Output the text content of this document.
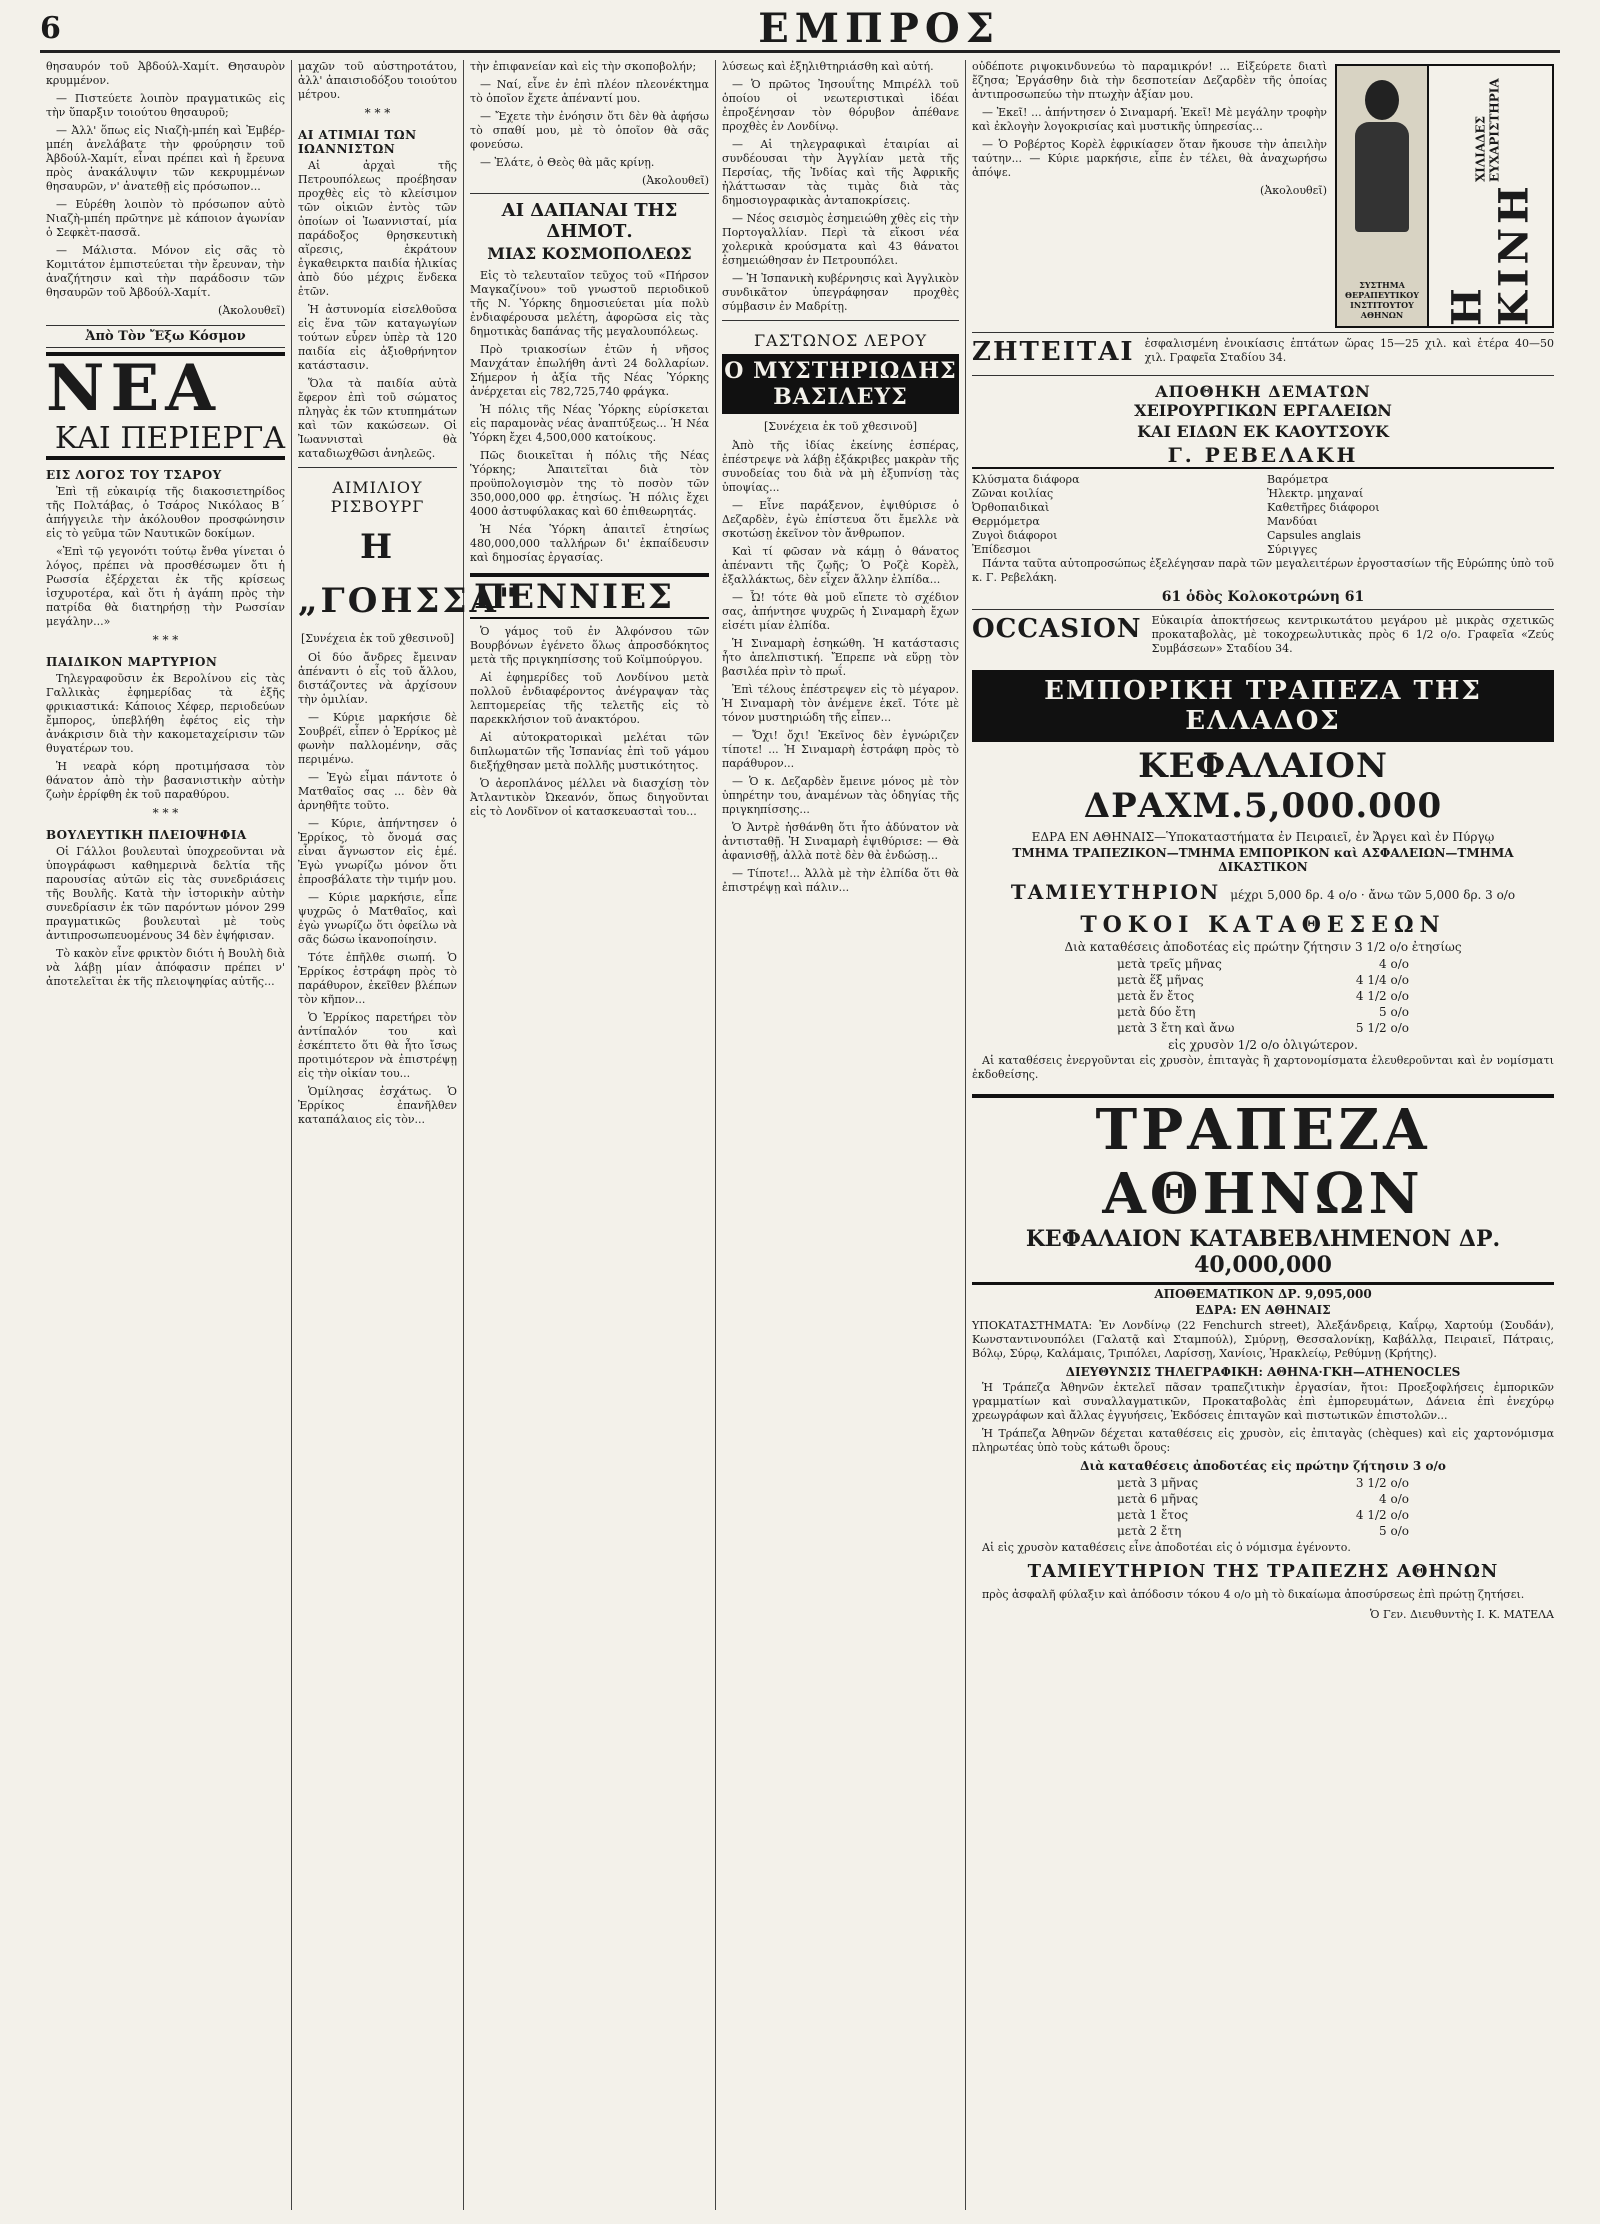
6	ΕΜΠΡΟΣ

θησαυρόν τοῦ Ἀβδούλ-Χαμίτ. Θησαυρὸν κρυμμένον.

— Πιστεύετε λοιπὸν πραγματικῶς εἰς τὴν ὕπαρξιν τοιούτου θησαυροῦ;

— Ἀλλ' ὅπως εἰς Νιαζὴ-μπέη καὶ Ἐμβέρ-μπέη ἀνελάβατε τὴν φρούρησιν τοῦ Ἀβδούλ-Χαμίτ, εἶναι πρέπει καὶ ἡ ἔρευνα πρὸς ἀνακάλυψιν τῶν κεκρυμμένων θησαυρῶν, ν' ἀνατεθῇ εἰς πρόσωπον...

— Εὑρέθη λοιπὸν τὸ πρόσωπον αὐτὸ Νιαζὴ-μπέη πρῶτηνε μὲ κάποιον ἀγωνίαν ὁ Σεφκὲτ-πασσᾶ.

— Μάλιστα. Μόνον εἰς σᾶς τὸ Κομιτάτον ἐμπιστεύεται τὴν ἔρευναν, τὴν ἀναζήτησιν καὶ τὴν παράδοσιν τῶν θησαυρῶν τοῦ Ἀβδούλ-Χαμίτ.

(Ἀκολουθεῖ)
Ἀπὸ Τὸν Ἔξω Κόσμον
ΝΕΑ
ΚΑΙ ΠΕΡΙΕΡΓΑ
ΕΙΣ ΛΟΓΟΣ ΤΟΥ ΤΣΑΡΟΥ

Ἐπὶ τῇ εὐκαιρίᾳ τῆς διακοσιετηρίδος τῆς Πολτάβας, ὁ Τσάρος Νικόλαος Β΄ ἀπήγγειλε τὴν ἀκόλουθον προσφώνησιν εἰς τὸ γεῦμα τῶν Ναυτικῶν δοκίμων.

«Ἐπὶ τῷ γεγονότι τούτῳ ἔνθα γίνεται ὁ λόγος, πρέπει νὰ προσθέσωμεν ὅτι ἡ Ρωσσία ἐξέρχεται ἐκ τῆς κρίσεως ἰσχυροτέρα, καὶ ὅτι ἡ ἀγάπη πρὸς τὴν πατρίδα θὰ διατηρήσῃ τὴν Ρωσσίαν μεγάλην...»

* * *
ΠΑΙΔΙΚΟΝ ΜΑΡΤΥΡΙΟΝ

Τηλεγραφοῦσιν ἐκ Βερολίνου εἰς τὰς Γαλλικὰς ἐφημερίδας τὰ ἑξῆς φρικιαστικά: Κάποιος Χέφερ, περιοδεύων ἔμπορος, ὑπεβλήθη ἐφέτος εἰς τὴν ἀνάκρισιν διὰ τὴν κακομεταχείρισιν τῶν θυγατέρων του.

Ἡ νεαρὰ κόρη προτιμήσασα τὸν θάνατον ἀπὸ τὴν βασανιστικὴν αὐτὴν ζωὴν ἐρρίφθη ἐκ τοῦ παραθύρου.

* * *
ΒΟΥΛΕΥΤΙΚΗ ΠΛΕΙΟΨΗΦΙΑ

Οἱ Γάλλοι βουλευταὶ ὑποχρεοῦνται νὰ ὑπογράφωσι καθημερινὰ δελτία τῆς παρουσίας αὐτῶν εἰς τὰς συνεδριάσεις τῆς Βουλῆς. Κατὰ τὴν ἱστορικὴν αὐτὴν συνεδρίασιν ἐκ τῶν παρόντων μόνον 299 πραγματικῶς βουλευταὶ μὲ τοὺς ἀντιπροσωπευομένους 34 δὲν ἐψήφισαν.

Τὸ κακὸν εἶνε φρικτὸν διότι ἡ Βουλὴ διὰ νὰ λάβῃ μίαν ἀπόφασιν πρέπει ν' ἀποτελεῖται ἐκ τῆς πλειοψηφίας αὐτῆς...

μαχῶν τοῦ αὐστηροτάτου, ἀλλ' ἀπαισιοδόξου τοιούτου μέτρου.

* * *
ΑΙ ΑΤΙΜΙΑΙ ΤΩΝ ΙΩΑΝΝΙΣΤΩΝ

Αἱ ἀρχαὶ τῆς Πετρουπόλεως προέβησαν προχθὲς εἰς τὸ κλείσιμον τῶν οἰκιῶν ἐντὸς τῶν ὁποίων οἱ Ἰωαννισταί, μία παράδοξος θρησκευτικὴ αἵρεσις, ἐκράτουν ἐγκαθειρκτα παιδία ἡλικίας ἀπὸ δύο μέχρις ἕνδεκα ἐτῶν.

Ἡ ἀστυνομία εἰσελθοῦσα εἰς ἕνα τῶν καταγωγίων τούτων εὗρεν ὑπὲρ τὰ 120 παιδία εἰς ἀξιοθρήνητον κατάστασιν.

Ὅλα τὰ παιδία αὐτὰ ἔφερον ἐπὶ τοῦ σώματος πληγὰς ἐκ τῶν κτυπημάτων καὶ τῶν κακώσεων. Οἱ Ἰωαννισταὶ θὰ καταδιωχθῶσι ἀνηλεῶς.

ΑΙΜΙΛΙΟΥ ΡΙΣΒΟΥΡΓ
Η „ΓΟΗΣΣΑ"
[Συνέχεια ἐκ τοῦ χθεσινοῦ]

Οἱ δύο ἄνδρες ἔμειναν ἀπέναντι ὁ εἷς τοῦ ἄλλου, διστάζοντες νὰ ἀρχίσουν τὴν ὁμιλίαν.

— Κύριε μαρκήσιε δὲ Σουβρέϊ, εἶπεν ὁ Ἐρρίκος μὲ φωνὴν παλλομένην, σᾶς περιμένω.

— Ἐγὼ εἶμαι πάντοτε ὁ Ματθαῖος σας ... δὲν θὰ ἀρνηθῆτε τοῦτο.

— Κύριε, ἀπήντησεν ὁ Ἐρρίκος, τὸ ὄνομά σας εἶναι ἄγνωστον εἰς ἐμέ. Ἐγὼ γνωρίζω μόνον ὅτι ἐπροσβάλατε τὴν τιμήν μου.

— Κύριε μαρκήσιε, εἶπε ψυχρῶς ὁ Ματθαῖος, καὶ ἐγὼ γνωρίζω ὅτι ὀφείλω νὰ σᾶς δώσω ἱκανοποίησιν.

Τότε ἐπῆλθε σιωπή. Ὁ Ἐρρίκος ἐστράφη πρὸς τὸ παράθυρον, ἐκεῖθεν βλέπων τὸν κῆπον...

Ὁ Ἐρρίκος παρετήρει τὸν ἀντίπαλόν του καὶ ἐσκέπτετο ὅτι θὰ ἦτο ἴσως προτιμότερον νὰ ἐπιστρέψῃ εἰς τὴν οἰκίαν του...

Ὁμίλησας ἐσχάτως. Ὁ Ἐρρίκος ἐπανῆλθεν καταπάλαιος εἰς τὸν...

τὴν ἐπιφανείαν καὶ εἰς τὴν σκοποβολήν;

— Ναί, εἶνε ἐν ἐπὶ πλέον πλεονέκτημα τὸ ὁποῖον ἔχετε ἀπέναντί μου.

— Ἔχετε τὴν ἐνόησιν ὅτι δὲν θὰ ἀφήσω τὸ σπαθί μου, μὲ τὸ ὁποῖον θὰ σᾶς φονεύσω.

— Ἐλάτε, ὁ Θεὸς θὰ μᾶς κρίνῃ.

(Ἀκολουθεῖ)
ΑΙ ΔΑΠΑΝΑΙ ΤΗΣ ΔΗΜΟΤ.
ΜΙΑΣ ΚΟΣΜΟΠΟΛΕΩΣ

Εἰς τὸ τελευταῖον τεῦχος τοῦ «Πήρσον Μαγκαζίνου» τοῦ γνωστοῦ περιοδικοῦ τῆς Ν. Ὑόρκης δημοσιεύεται μία πολὺ ἐνδιαφέρουσα μελέτη, ἀφορῶσα εἰς τὰς δημοτικὰς δαπάνας τῆς μεγαλουπόλεως.

Πρὸ τριακοσίων ἐτῶν ἡ νῆσος Μανχάταν ἐπωλήθη ἀντὶ 24 δολλαρίων. Σήμερον ἡ ἀξία τῆς Νέας Ὑόρκης ἀνέρχεται εἰς 782,725,740 φράγκα.

Ἡ πόλις τῆς Νέας Ὑόρκης εὑρίσκεται εἰς παραμονὰς νέας ἀναπτύξεως... Ἡ Νέα Ὑόρκη ἔχει 4,500,000 κατοίκους.

Πῶς διοικεῖται ἡ πόλις τῆς Νέας Ὑόρκης; Ἀπαιτεῖται διὰ τὸν προϋπολογισμὸν της τὸ ποσὸν τῶν 350,000,000 φρ. ἐτησίως. Ἡ πόλις ἔχει 4000 ἀστυφύλακας καὶ 60 ἐπιθεωρητάς.

Ἡ Νέα Ὑόρκη ἀπαιτεῖ ἐτησίως 480,000,000 ταλλήρων δι' ἐκπαίδευσιν καὶ δημοσίας ἐργασίας.

ΠΕΝΝΙΕΣ

Ὁ γάμος τοῦ ἐν Ἀλφόνσου τῶν Βουρβόνων ἐγένετο ὅλως ἀπροσδόκητος μετὰ τῆς πριγκηπίσσης τοῦ Κοϊμπούργου.

Αἱ ἐφημερίδες τοῦ Λονδίνου μετὰ πολλοῦ ἐνδιαφέροντος ἀνέγραψαν τὰς λεπτομερείας τῆς τελετῆς εἰς τὸ παρεκκλήσιον τοῦ ἀνακτόρου.

Αἱ αὐτοκρατορικαὶ μελέται τῶν διπλωματῶν τῆς Ἱσπανίας ἐπὶ τοῦ γάμου διεξήχθησαν μετὰ πολλῆς μυστικότητος.

Ὁ ἀεροπλάνος μέλλει νὰ διασχίσῃ τὸν Ἀτλαντικὸν Ὠκεανόν, ὅπως διηγοῦνται εἰς τὸ Λονδῖνον οἱ κατασκευασταὶ του...

λύσεως καὶ ἐξηλιθτηριάσθη καὶ αὐτή.

— Ὁ πρῶτος Ἰησουΐτης Μπιρέλλ τοῦ ὁποίου οἱ νεωτεριστικαὶ ἰδέαι ἐπροξένησαν τὸν θόρυβον ἀπέθανε προχθὲς ἐν Λονδίνῳ.

— Αἱ τηλεγραφικαὶ ἑταιρίαι αἱ συνδέουσαι τὴν Ἀγγλίαν μετὰ τῆς Περσίας, τῆς Ἰνδίας καὶ τῆς Ἀφρικῆς ἠλάττωσαν τὰς τιμὰς διὰ τὰς δημοσιογραφικὰς ἀνταποκρίσεις.

— Νέος σεισμὸς ἐσημειώθη χθὲς εἰς τὴν Πορτογαλλίαν. Περὶ τὰ εἴκοσι νέα χολερικὰ κρούσματα καὶ 43 θάνατοι ἐσημειώθησαν ἐν Πετρουπόλει.

— Ἡ Ἰσπανικὴ κυβέρνησις καὶ Ἀγγλικὸν συνδικᾶτον ὑπεγράφησαν προχθὲς σύμβασιν ἐν Μαδρίτῃ.

ΓΑΣΤΩΝΟΣ ΛΕΡΟΥ
Ο ΜΥΣΤΗΡΙΩΔΗΣ ΒΑΣΙΛΕΥΣ
[Συνέχεια ἐκ τοῦ χθεσινοῦ]

Ἀπὸ τῆς ἰδίας ἐκείνης ἑσπέρας, ἐπέστρεψε νὰ λάβῃ ἐξάκριβες μακρὰν τῆς συνοδείας του διὰ νὰ μὴ ἐξυπνίσῃ τὰς ὑποψίας...

— Εἶνε παράξενον, ἐψιθύρισε ὁ Δεζαρδὲν, ἐγὼ ἐπίστευα ὅτι ἔμελλε νὰ σκοτώσῃ ἐκεῖνον τὸν ἄνθρωπον.

Καὶ τί φῶσαν νὰ κάμῃ ὁ θάνατος ἀπέναντι τῆς ζωῆς; Ὁ Ροζὲ Κορὲλ, ἐξαλλάκτως, δὲν εἶχεν ἄλλην ἐλπίδα...

— Ὦ! τότε θὰ μοῦ εἴπετε τὸ σχέδιον σας, ἀπήντησε ψυχρῶς ἡ Σιναμαρὴ ἔχων εἰσέτι μίαν ἐλπίδα.

Ἡ Σιναμαρὴ ἐσηκώθη. Ἡ κατάστασις ἦτο ἀπελπιστική. Ἔπρεπε νὰ εὕρῃ τὸν βασιλέα πρὶν τὸ πρωΐ.

Ἐπὶ τέλους ἐπέστρεψεν εἰς τὸ μέγαρον. Ἡ Σιναμαρὴ τὸν ἀνέμενε ἐκεῖ. Τότε μὲ τόνον μυστηριώδη τῆς εἶπεν...

— Ὄχι! ὄχι! Ἐκεῖνος δὲν ἐγνώριζεν τίποτε! ... Ἡ Σιναμαρὴ ἐστράφη πρὸς τὸ παράθυρον...

— Ὁ κ. Δεζαρδὲν ἔμεινε μόνος μὲ τὸν ὑπηρέτην του, ἀναμένων τὰς ὁδηγίας τῆς πριγκηπίσσης...

Ὁ Ἀντρὲ ἠσθάνθη ὅτι ἦτο ἀδύνατον νὰ ἀντισταθῇ. Ἡ Σιναμαρὴ ἐψιθύρισε: — Θὰ ἀφανισθῇ, ἀλλὰ ποτὲ δὲν θὰ ἐνδώσῃ...

— Τίποτε!... Ἀλλὰ μὲ τὴν ἐλπίδα ὅτι θὰ ἐπιστρέψῃ καὶ πάλιν...

οὐδέποτε ριψοκινδυνεύω τὸ παραμικρόν! ... Εἰξεύρετε διατὶ ἔζησα; Ἐργάσθην διὰ τὴν δεσποτείαν Δεζαρδὲν τῆς ὁποίας ἀντιπροσωπεύω τὴν πτωχὴν ἀξίαν μου.

— Ἐκεῖ! ... ἀπήντησεν ὁ Σιναμαρή. Ἐκεῖ! Μὲ μεγάλην τροφὴν καὶ ἐκλογὴν λογοκρισίας καὶ μυστικῆς ὑπηρεσίας...

— Ὁ Ροβέρτος Κορὲλ ἐφρικίασεν ὅταν ἤκουσε τὴν ἀπειλὴν ταύτην... — Κύριε μαρκήσιε, εἶπε ἐν τέλει, θὰ ἀναχωρήσω ἀπόψε.

(Ἀκολουθεῖ)
ΣΥΣΤΗΜΑ ΘΕΡΑΠΕΥΤΙΚΟΥ ΙΝΣΤΙΤΟΥΤΟΥ ΑΘΗΝΩΝ	Η ΚΙΝΗ
ΧΙΛΙΑΔΕΣ ΕΥΧΑΡΙΣΤΗΡΙΑ
ΖΗΤΕΙΤΑΙ ἐσφαλισμένη ἐνοικίασις ἑπτάτων ὥρας 15—25 χιλ. καὶ ἑτέρα 40—50 χιλ. Γραφεῖα Σταδίου 34.

ΑΠΟΘΗΚΗ ΔΕΜΑΤΩΝ
ΧΕΙΡΟΥΡΓΙΚΩΝ ΕΡΓΑΛΕΙΩΝ
ΚΑΙ ΕΙΔΩΝ ΕΚ ΚΑΟΥΤΣΟΥΚ
Γ. ΡΕΒΕΛΑΚΗ
Κλύσματα διάφορα	Βαρόμετρα
Ζῶναι κοιλίας	Ἠλεκτρ. μηχαναί
Ὀρθοπαιδικαὶ	Καθετῆρες διάφοροι
Θερμόμετρα	Μανδύαι
Ζυγοὶ διάφοροι	Capsules anglais
Ἐπίδεσμοι	Σύριγγες

Πάντα ταῦτα αὐτοπροσώπως ἐξελέγησαν παρὰ τῶν μεγαλειτέρων ἐργοστασίων τῆς Εὐρώπης ὑπὸ τοῦ κ. Γ. Ρεβελάκη.

61 ὁδὸς Κολοκοτρώνη 61
OCCASION Εὐκαιρία ἀποκτήσεως κεντρικωτάτου μεγάρου μὲ μικρὰς σχετικῶς προκαταβολὰς, μὲ τοκοχρεωλυτικὰς πρὸς 6 1/2 ο/ο. Γραφεῖα «Ζεύς Συμβάσεων» Σταδίου 34.

ΕΜΠΟΡΙΚΗ ΤΡΑΠΕΖΑ ΤΗΣ ΕΛΛΑΔΟΣ
ΚΕΦΑΛΑΙΟΝ ΔΡΑΧΜ.5,000.000
ΕΔΡΑ ΕΝ ΑΘΗΝΑΙΣ—Ὑποκαταστήματα ἐν Πειραιεῖ, ἐν Ἄργει καὶ ἐν Πύργῳ
ΤΜΗΜΑ ΤΡΑΠΕΖΙΚΟΝ—ΤΜΗΜΑ ΕΜΠΟΡΙΚΟΝ καὶ ΑΣΦΑΛΕΙΩΝ—ΤΜΗΜΑ ΔΙΚΑΣΤΙΚΟΝ
ΤΑΜΙΕΥΤΗΡΙΟΝ μέχρι 5,000 δρ. 4 ο/ο · ἄνω τῶν 5,000 δρ. 3 ο/ο
ΤΟΚΟΙ ΚΑΤΑΘΕΣΕΩΝ
Διὰ καταθέσεις ἀποδοτέας εἰς πρώτην ζήτησιν 3 1/2 ο/ο ἐτησίως
μετὰ τρεῖς μῆνας	4 ο/ο
μετὰ ἕξ μῆνας	4 1/4 ο/ο
μετὰ ἕν ἔτος	4 1/2 ο/ο
μετὰ δύο ἔτη	5 ο/ο
μετὰ 3 ἔτη καὶ ἄνω	5 1/2 ο/ο
εἰς χρυσὸν 1/2 ο/ο ὀλιγώτερον.

Αἱ καταθέσεις ἐνεργοῦνται εἰς χρυσὸν, ἐπιταγὰς ἢ χαρτονομίσματα ἐλευθεροῦνται καὶ ἐν νομίσματι ἐκδοθείσης.

ΤΡΑΠΕΖΑ ΑΘΗΝΩΝ
ΚΕΦΑΛΑΙΟΝ ΚΑΤΑΒΕΒΛΗΜΕΝΟΝ ΔΡ. 40,000,000
ΑΠΟΘΕΜΑΤΙΚΟΝ ΔΡ. 9,095,000
ΕΔΡΑ: ΕΝ ΑΘΗΝΑΙΣ

ΥΠΟΚΑΤΑΣΤΗΜΑΤΑ: Ἐν Λονδίνῳ (22 Fenchurch street), Ἀλεξάνδρειᾳ, Καΐρῳ, Χαρτούμ (Σουδάν), Κωνσταντινουπόλει (Γαλατᾷ καὶ Σταμπούλ), Σμύρνῃ, Θεσσαλονίκῃ, Καβάλλᾳ, Πειραιεῖ, Πάτραις, Βόλῳ, Σύρῳ, Καλάμαις, Τριπόλει, Λαρίσσῃ, Χανίοις, Ἡρακλείῳ, Ρεθύμνῃ (Κρήτης).

ΔΙΕΥΘΥΝΣΙΣ ΤΗΛΕΓΡΑΦΙΚΗ: ΑΘΗΝΑ·ΓΚΗ—ATHENOCLES

Ἡ Τράπεζα Ἀθηνῶν ἐκτελεῖ πᾶσαν τραπεζιτικὴν ἐργασίαν, ἤτοι: Προεξοφλήσεις ἐμπορικῶν γραμματίων καὶ συναλλαγματικῶν, Προκαταβολὰς ἐπὶ ἐμπορευμάτων, Δάνεια ἐπὶ ἐνεχύρῳ χρεωγράφων καὶ ἄλλας ἐγγυήσεις, Ἐκδόσεις ἐπιταγῶν καὶ πιστωτικῶν ἐπιστολῶν...

Ἡ Τράπεζα Ἀθηνῶν δέχεται καταθέσεις εἰς χρυσὸν, εἰς ἐπιταγὰς (chèques) καὶ εἰς χαρτονόμισμα πληρωτέας ὑπὸ τοὺς κάτωθι ὅρους:

Διὰ καταθέσεις ἀποδοτέας εἰς πρώτην ζήτησιν 3 ο/ο
μετὰ 3 μῆνας	3 1/2 ο/ο
μετὰ 6 μῆνας	4 ο/ο
μετὰ 1 ἔτος	4 1/2 ο/ο
μετὰ 2 ἔτη	5 ο/ο

Αἱ εἰς χρυσὸν καταθέσεις εἶνε ἀποδοτέαι εἰς ὁ νόμισμα ἐγένοντο.

ΤΑΜΙΕΥΤΗΡΙΟΝ ΤΗΣ ΤΡΑΠΕΖΗΣ ΑΘΗΝΩΝ

πρὸς ἀσφαλῆ φύλαξιν καὶ ἀπόδοσιν τόκου 4 ο/ο μὴ τὸ δικαίωμα ἀποσύρσεως ἐπὶ πρώτῃ ζητήσει.

Ὁ Γεν. Διευθυντὴς Ι. Κ. ΜΑΤΕΛΑ
